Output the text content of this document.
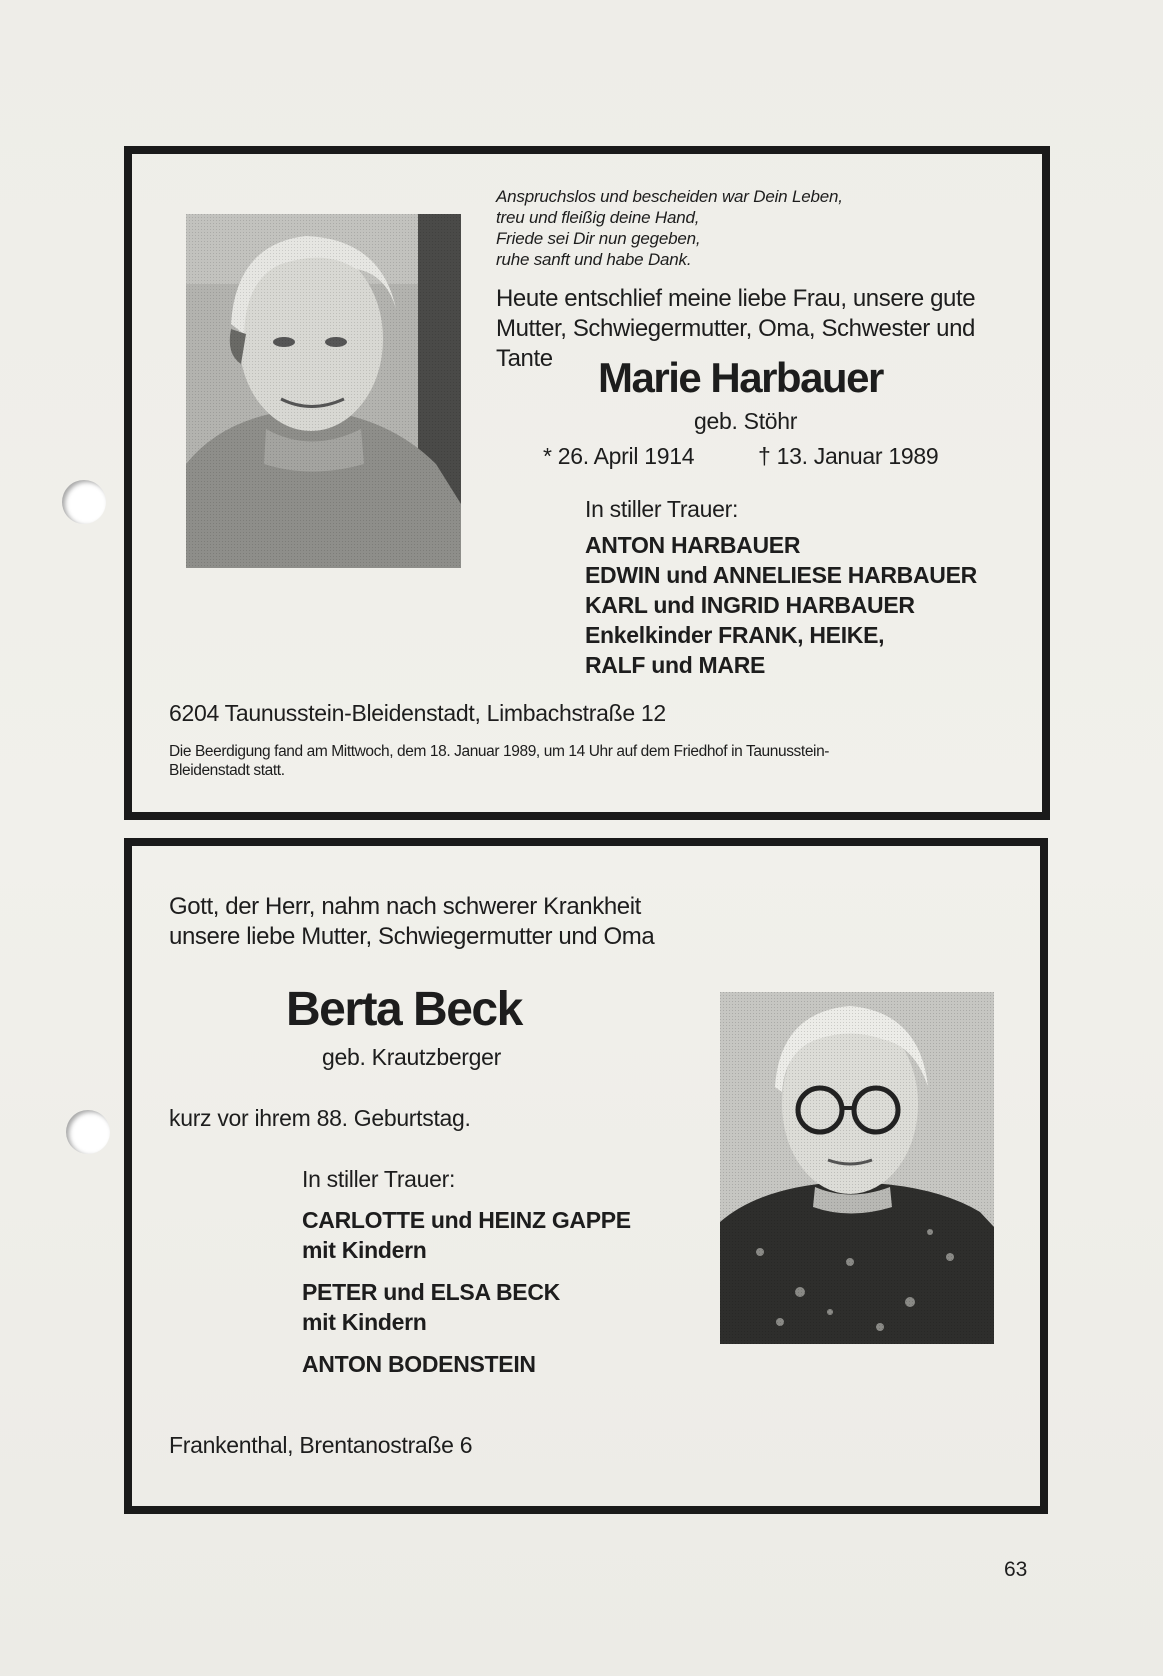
Anspruchslos und bescheiden war Dein Leben,
treu und fleißig deine Hand,
Friede sei Dir nun gegeben,
ruhe sanft und habe Dank.
Heute entschlief meine liebe Frau, unsere gute
Mutter, Schwiegermutter, Oma, Schwester und
Tante	Marie Harbauer
geb. Stöhr
* 26. April 1914	† 13. Januar 1989
In stiller Trauer:
ANTON HARBAUER
EDWIN und ANNELIESE HARBAUER
KARL und INGRID HARBAUER
Enkelkinder FRANK, HEIKE,
RALF und MARE
6204 Taunusstein-Bleidenstadt, Limbachstraße 12
Die Beerdigung fand am Mittwoch, dem 18. Januar 1989, um 14 Uhr auf dem Friedhof in Taunusstein-
Bleidenstadt statt.
Gott, der Herr, nahm nach schwerer Krankheit
unsere liebe Mutter, Schwiegermutter und Oma
Berta Beck
geb. Krautzberger
kurz vor ihrem 88. Geburtstag.
In stiller Trauer:
CARLOTTE und HEINZ GAPPE
mit Kindern
PETER und ELSA BECK
mit Kindern
ANTON BODENSTEIN
Frankenthal, Brentanostraße 6
63
